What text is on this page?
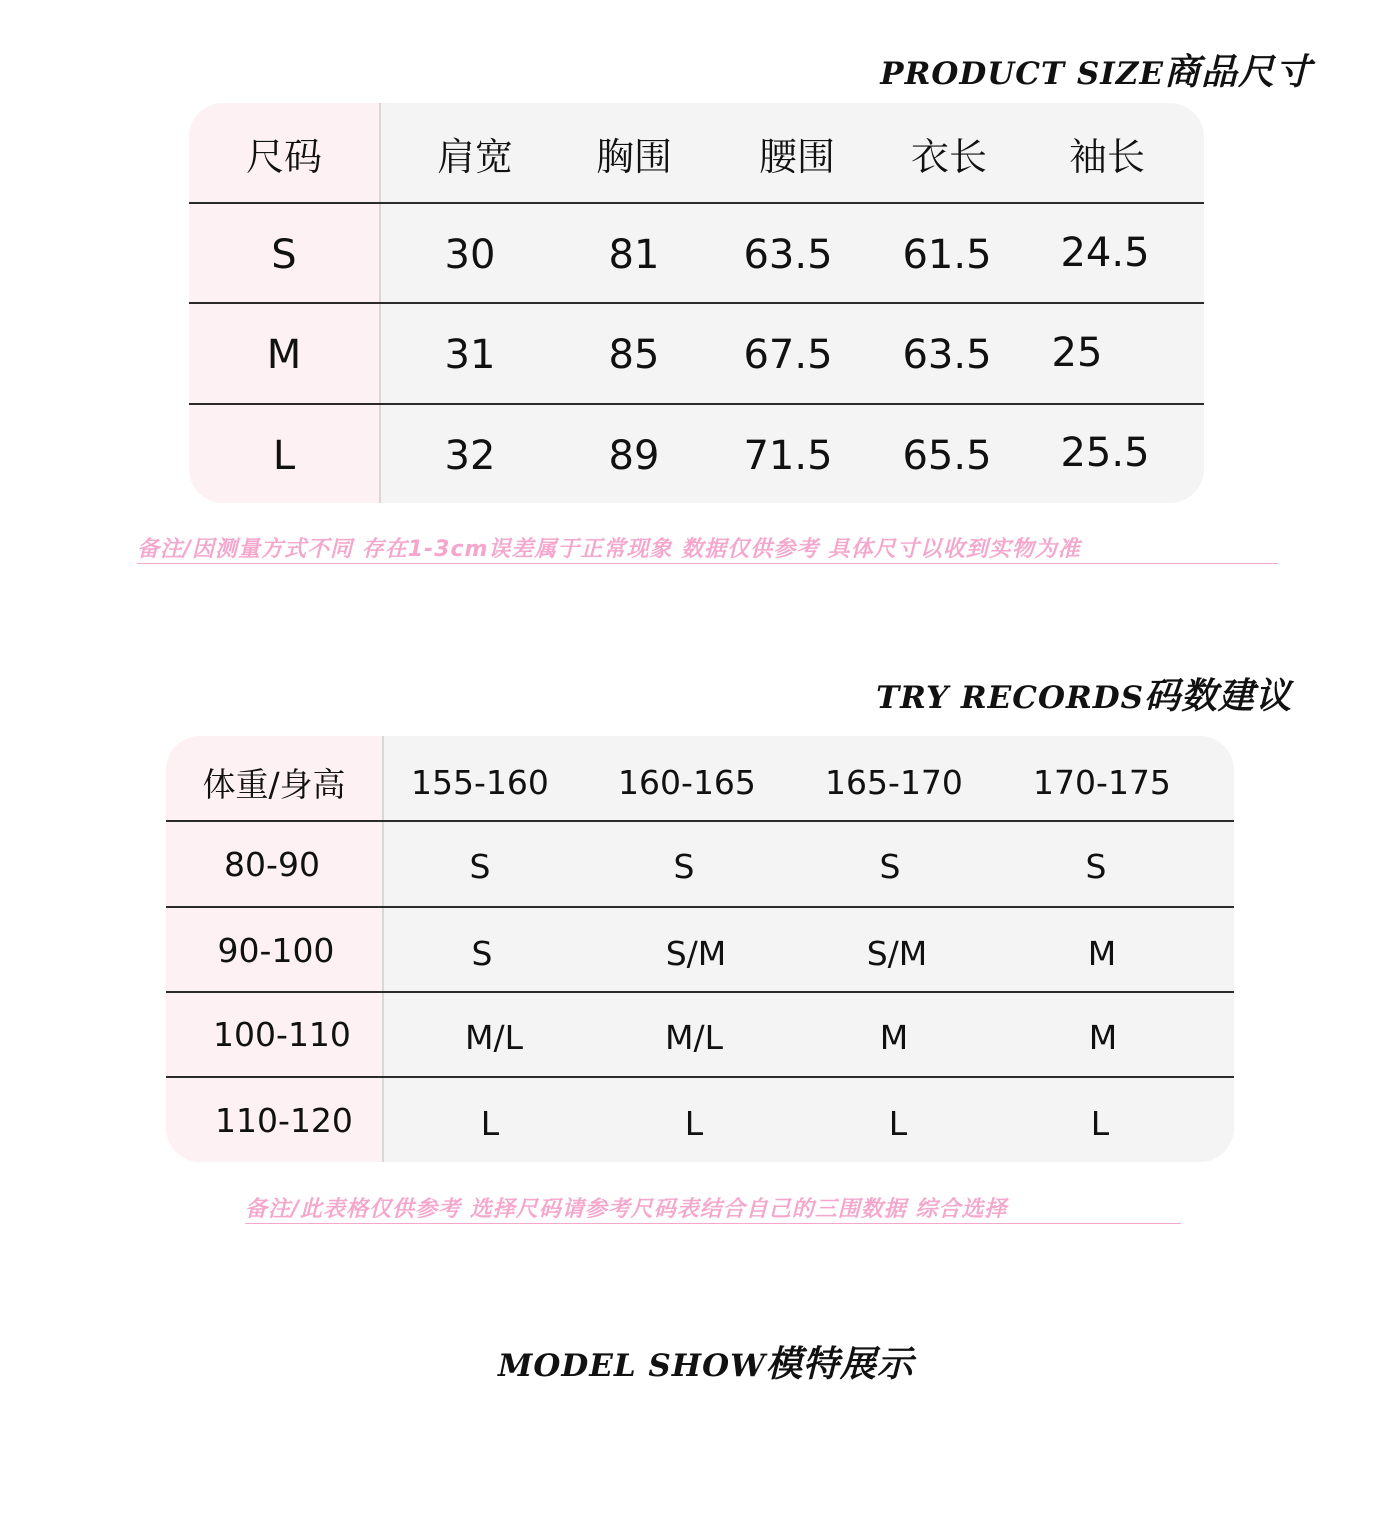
PRODUCT SIZE商品尺寸
尺码	肩宽	胸围	腰围	衣长	袖长
S	30	81	63.5	61.5	24.5
M	31	85	67.5	63.5	25
L	32	89	71.5	65.5	25.5

备注/因测量方式不同 存在1-3cm误差属于正常现象 数据仅供参考 具体尺寸以收到实物为准

TRY RECORDS码数建议
体重/身高	155-160	160-165	165-170	170-175
80-90	S	S	S	S
90-100	S	S/M	S/M	M
100-110	M/L	M/L	M	M
110-120	L	L	L	L

备注/此表格仅供参考 选择尺码请参考尺码表结合自己的三围数据 综合选择

MODEL SHOW模特展示
